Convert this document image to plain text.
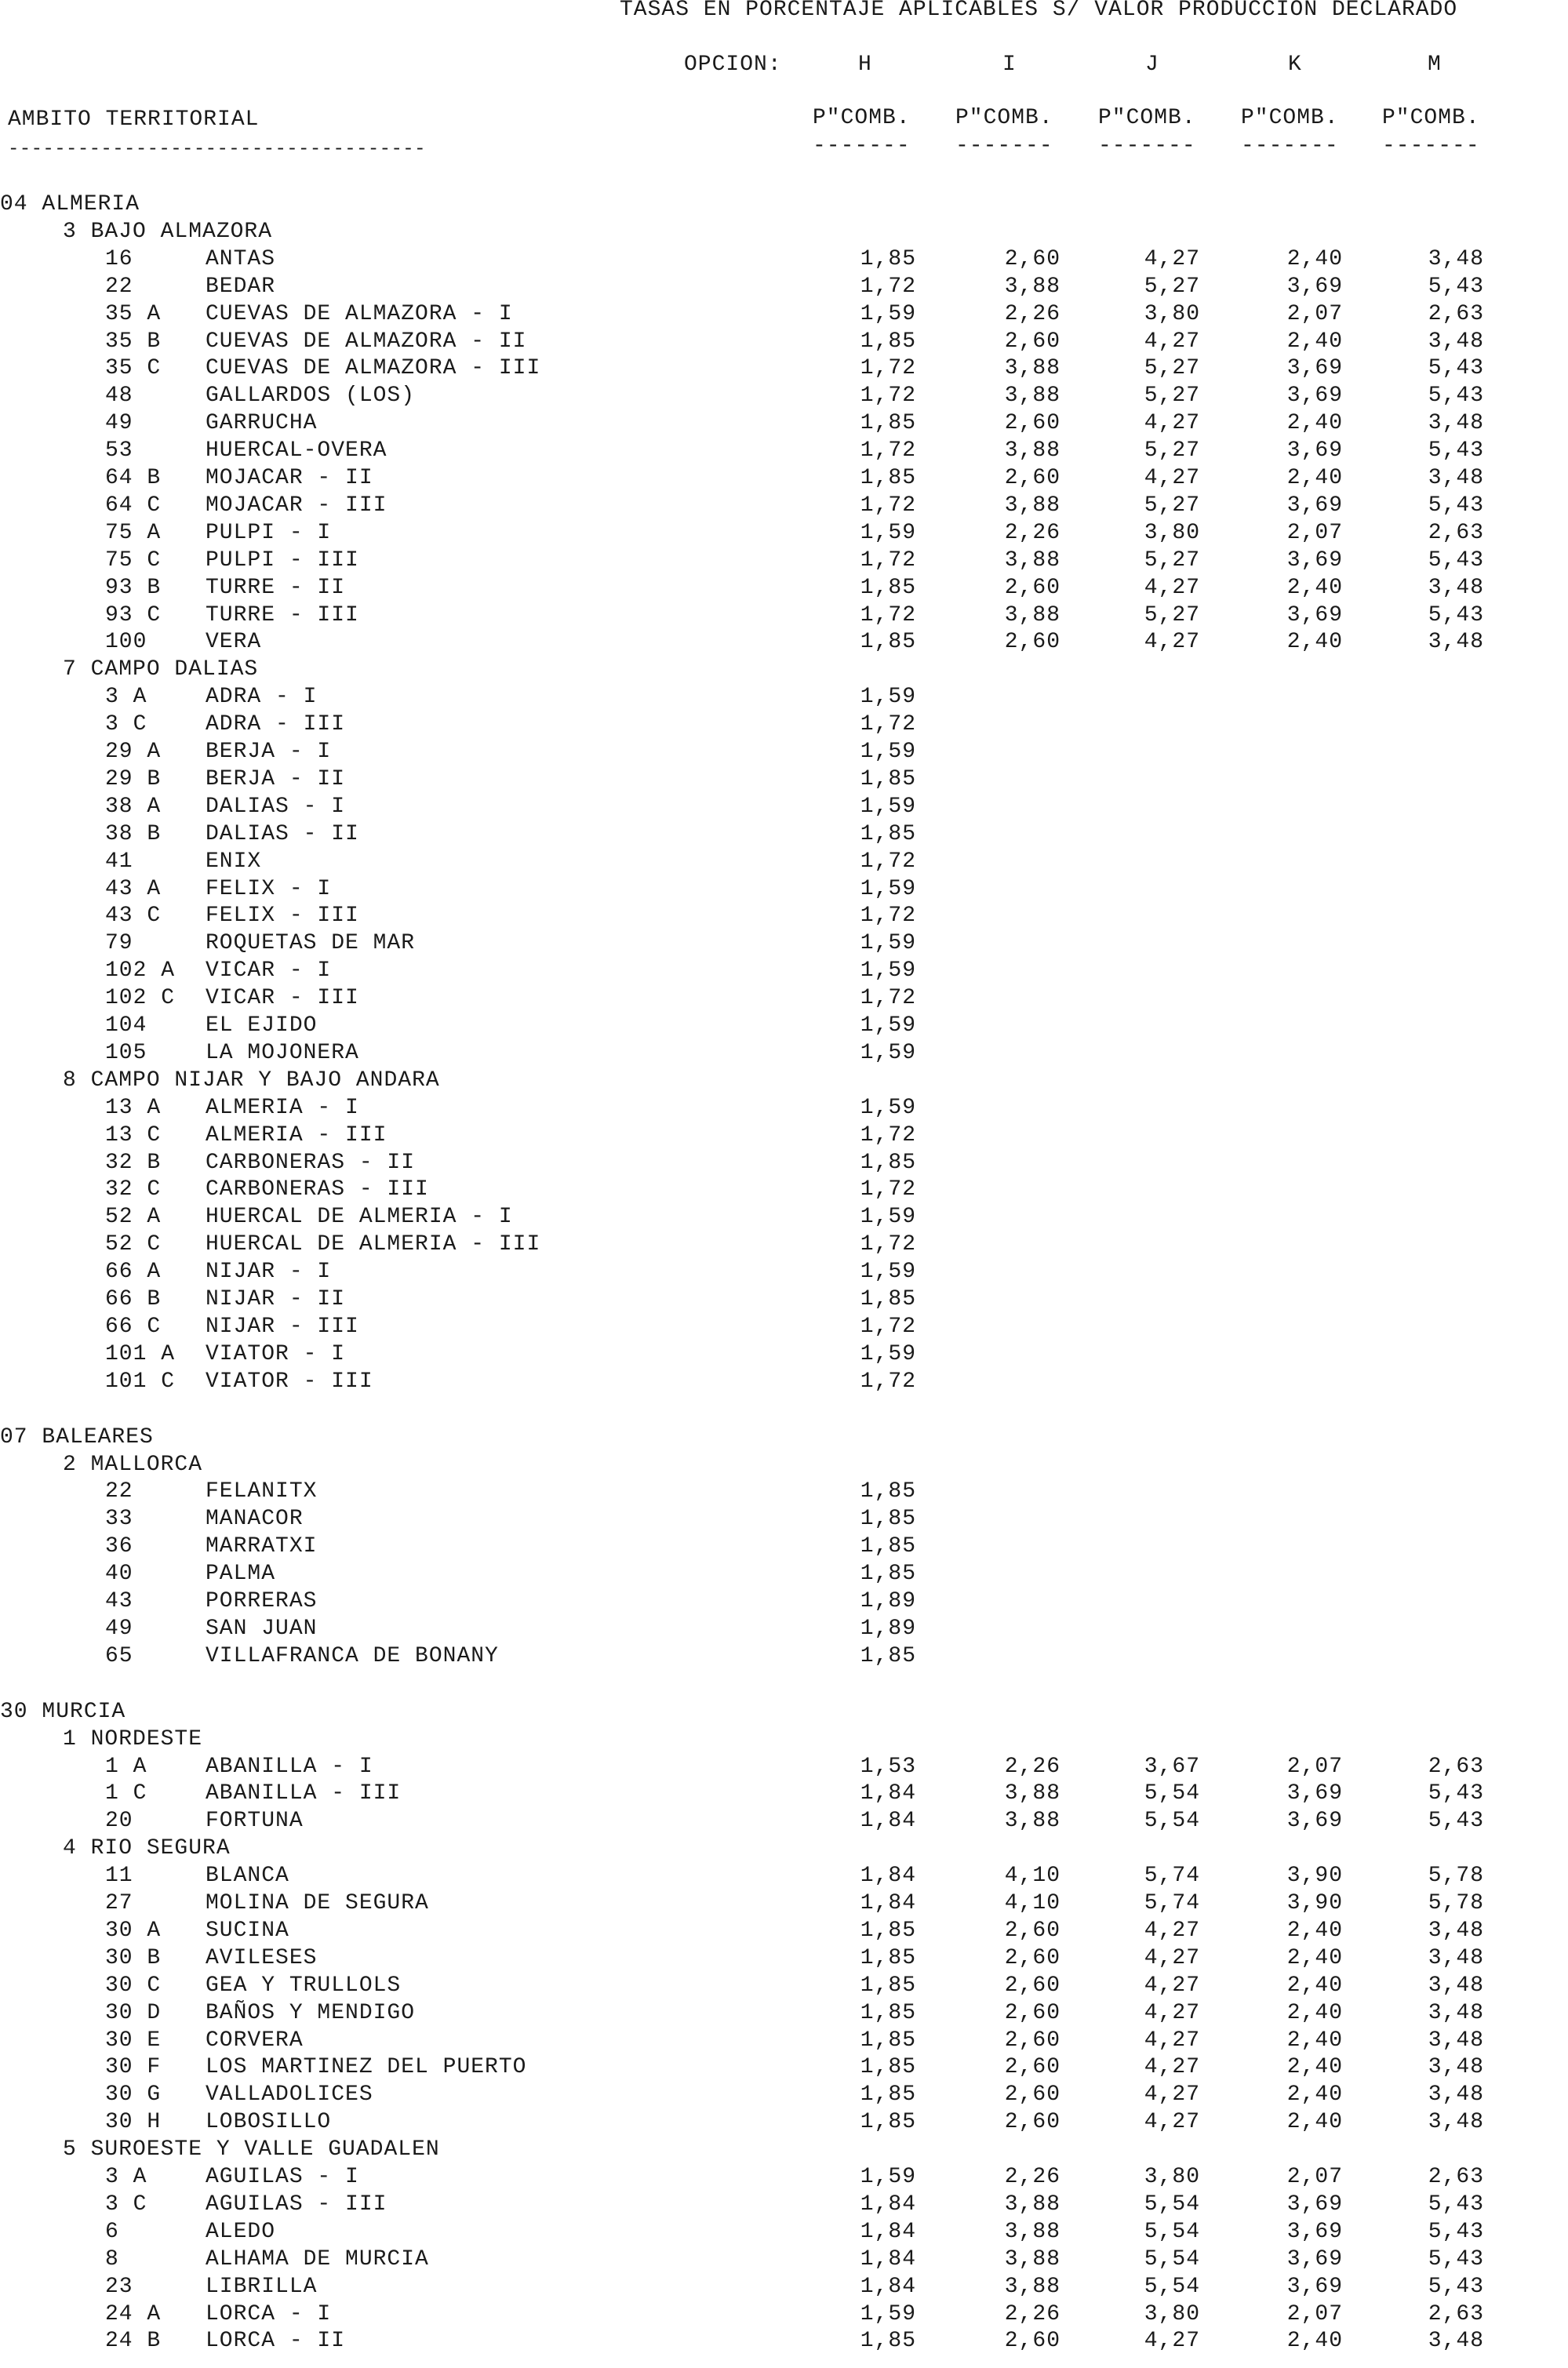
TASAS EN PORCENTAJE APLICABLES S/ VALOR PRODUCCION DECLARADO
OPCION:	H	I	J	K	M
AMBITO TERRITORIAL	P"COMB. P"COMB. P"COMB. P"COMB. P"COMB.
------------------------------------	------- ------- ------- ------- -------
04 ALMERIA
3 BAJO ALMAZORA
16	ANTAS	1,85	2,60	4,27	2,40	3,48
22	BEDAR	1,72	3,88	5,27	3,69	5,43
35 A CUEVAS DE ALMAZORA - I	1,59	2,26	3,80	2,07	2,63
35 B CUEVAS DE ALMAZORA - II	1,85	2,60	4,27	2,40	3,48
35 C CUEVAS DE ALMAZORA - III	1,72	3,88	5,27	3,69	5,43
48	GALLARDOS (LOS)	1,72	3,88	5,27	3,69	5,43
49	GARRUCHA	1,85	2,60	4,27	2,40	3,48
53	HUERCAL-OVERA	1,72	3,88	5,27	3,69	5,43
64 B MOJACAR - II	1,85	2,60	4,27	2,40	3,48
64 C MOJACAR - III	1,72	3,88	5,27	3,69	5,43
75 A PULPI - I	1,59	2,26	3,80	2,07	2,63
75 C PULPI - III	1,72	3,88	5,27	3,69	5,43
93 B TURRE - II	1,85	2,60	4,27	2,40	3,48
93 C TURRE - III	1,72	3,88	5,27	3,69	5,43
100	VERA	1,85	2,60	4,27	2,40	3,48
7 CAMPO DALIAS
3 A	ADRA - I	1,59
3 C	ADRA - III	1,72
29 A BERJA - I	1,59
29 B BERJA - II	1,85
38 A DALIAS - I	1,59
38 B DALIAS - II	1,85
41	ENIX	1,72
43 A FELIX - I	1,59
43 C FELIX - III	1,72
79	ROQUETAS DE MAR	1,59
102 A VICAR - I	1,59
102 C VICAR - III	1,72
104	EL EJIDO	1,59
105	LA MOJONERA	1,59
8 CAMPO NIJAR Y BAJO ANDARA
13 A ALMERIA - I	1,59
13 C ALMERIA - III	1,72
32 B CARBONERAS - II	1,85
32 C CARBONERAS - III	1,72
52 A HUERCAL DE ALMERIA - I	1,59
52 C HUERCAL DE ALMERIA - III	1,72
66 A NIJAR - I	1,59
66 B NIJAR - II	1,85
66 C NIJAR - III	1,72
101 A VIATOR - I	1,59
101 C VIATOR - III	1,72
07 BALEARES
2 MALLORCA
22	FELANITX	1,85
33	MANACOR	1,85
36	MARRATXI	1,85
40	PALMA	1,85
43	PORRERAS	1,89
49	SAN JUAN	1,89
65	VILLAFRANCA DE BONANY	1,85
30 MURCIA
1 NORDESTE
1 A	ABANILLA - I	1,53	2,26	3,67	2,07	2,63
1 C	ABANILLA - III	1,84	3,88	5,54	3,69	5,43
20	FORTUNA	1,84	3,88	5,54	3,69	5,43
4 RIO SEGURA
11	BLANCA	1,84	4,10	5,74	3,90	5,78
27	MOLINA DE SEGURA	1,84	4,10	5,74	3,90	5,78
30 A SUCINA	1,85	2,60	4,27	2,40	3,48
30 B AVILESES	1,85	2,60	4,27	2,40	3,48
30 C GEA Y TRULLOLS	1,85	2,60	4,27	2,40	3,48
30 D BAÑOS Y MENDIGO	1,85	2,60	4,27	2,40	3,48
30 E CORVERA	1,85	2,60	4,27	2,40	3,48
30 F LOS MARTINEZ DEL PUERTO	1,85	2,60	4,27	2,40	3,48
30 G VALLADOLICES	1,85	2,60	4,27	2,40	3,48
30 H LOBOSILLO	1,85	2,60	4,27	2,40	3,48
5 SUROESTE Y VALLE GUADALEN
3 A	AGUILAS - I	1,59	2,26	3,80	2,07	2,63
3 C	AGUILAS - III	1,84	3,88	5,54	3,69	5,43
6	ALEDO	1,84	3,88	5,54	3,69	5,43
8	ALHAMA DE MURCIA	1,84	3,88	5,54	3,69	5,43
23	LIBRILLA	1,84	3,88	5,54	3,69	5,43
24 A LORCA - I	1,59	2,26	3,80	2,07	2,63
24 B LORCA - II	1,85	2,60	4,27	2,40	3,48
